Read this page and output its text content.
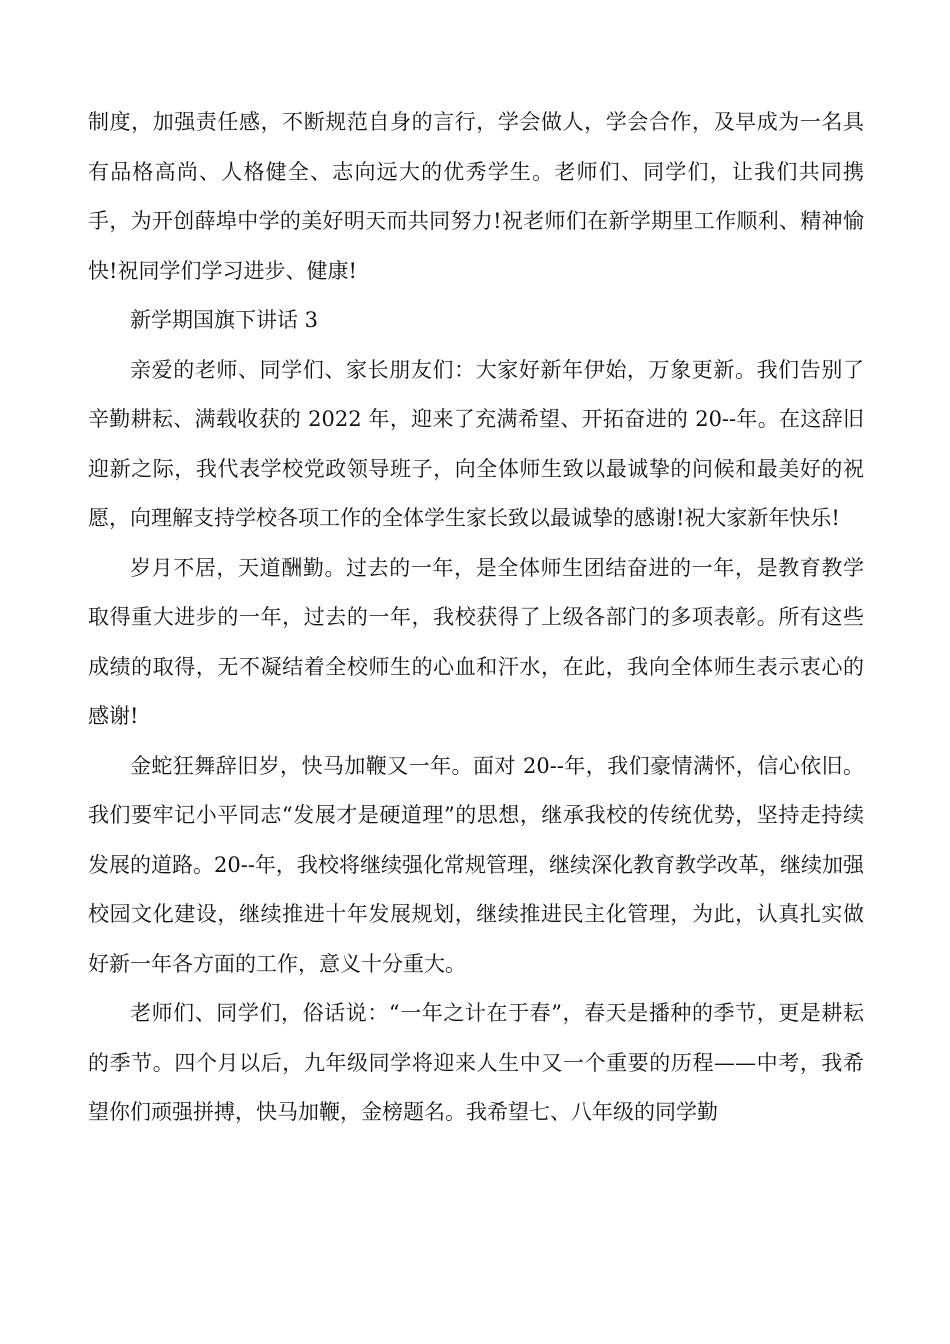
制度，加强责任感，不断规范自身的言行，学会做人，学会合作，及早成为一名具有品格高尚、人格健全、志向远大的优秀学生。老师们、同学们，让我们共同携手，为开创薛埠中学的美好明天而共同努力!祝老师们在新学期里工作顺利、精神愉快!祝同学们学习进步、健康!

新学期国旗下讲话 3

亲爱的老师、同学们、家长朋友们：大家好新年伊始，万象更新。我们告别了辛勤耕耘、满载收获的 2022 年，迎来了充满希望、开拓奋进的 20--年。在这辞旧迎新之际，我代表学校党政领导班子，向全体师生致以最诚挚的问候和最美好的祝愿，向理解支持学校各项工作的全体学生家长致以最诚挚的感谢!祝大家新年快乐!

岁月不居，天道酬勤。过去的一年，是全体师生团结奋进的一年，是教育教学取得重大进步的一年，过去的一年，我校获得了上级各部门的多项表彰。所有这些成绩的取得，无不凝结着全校师生的心血和汗水，在此，我向全体师生表示衷心的感谢!

金蛇狂舞辞旧岁，快马加鞭又一年。面对 20--年，我们豪情满怀，信心依旧。我们要牢记小平同志“发展才是硬道理”的思想，继承我校的传统优势，坚持走持续发展的道路。20--年，我校将继续强化常规管理，继续深化教育教学改革，继续加强校园文化建设，继续推进十年发展规划，继续推进民主化管理，为此，认真扎实做好新一年各方面的工作，意义十分重大。

老师们、同学们，俗话说：“一年之计在于春”，春天是播种的季节，更是耕耘的季节。四个月以后，九年级同学将迎来人生中又一个重要的历程——中考，我希望你们顽强拼搏，快马加鞭，金榜题名。我希望七、八年级的同学勤
